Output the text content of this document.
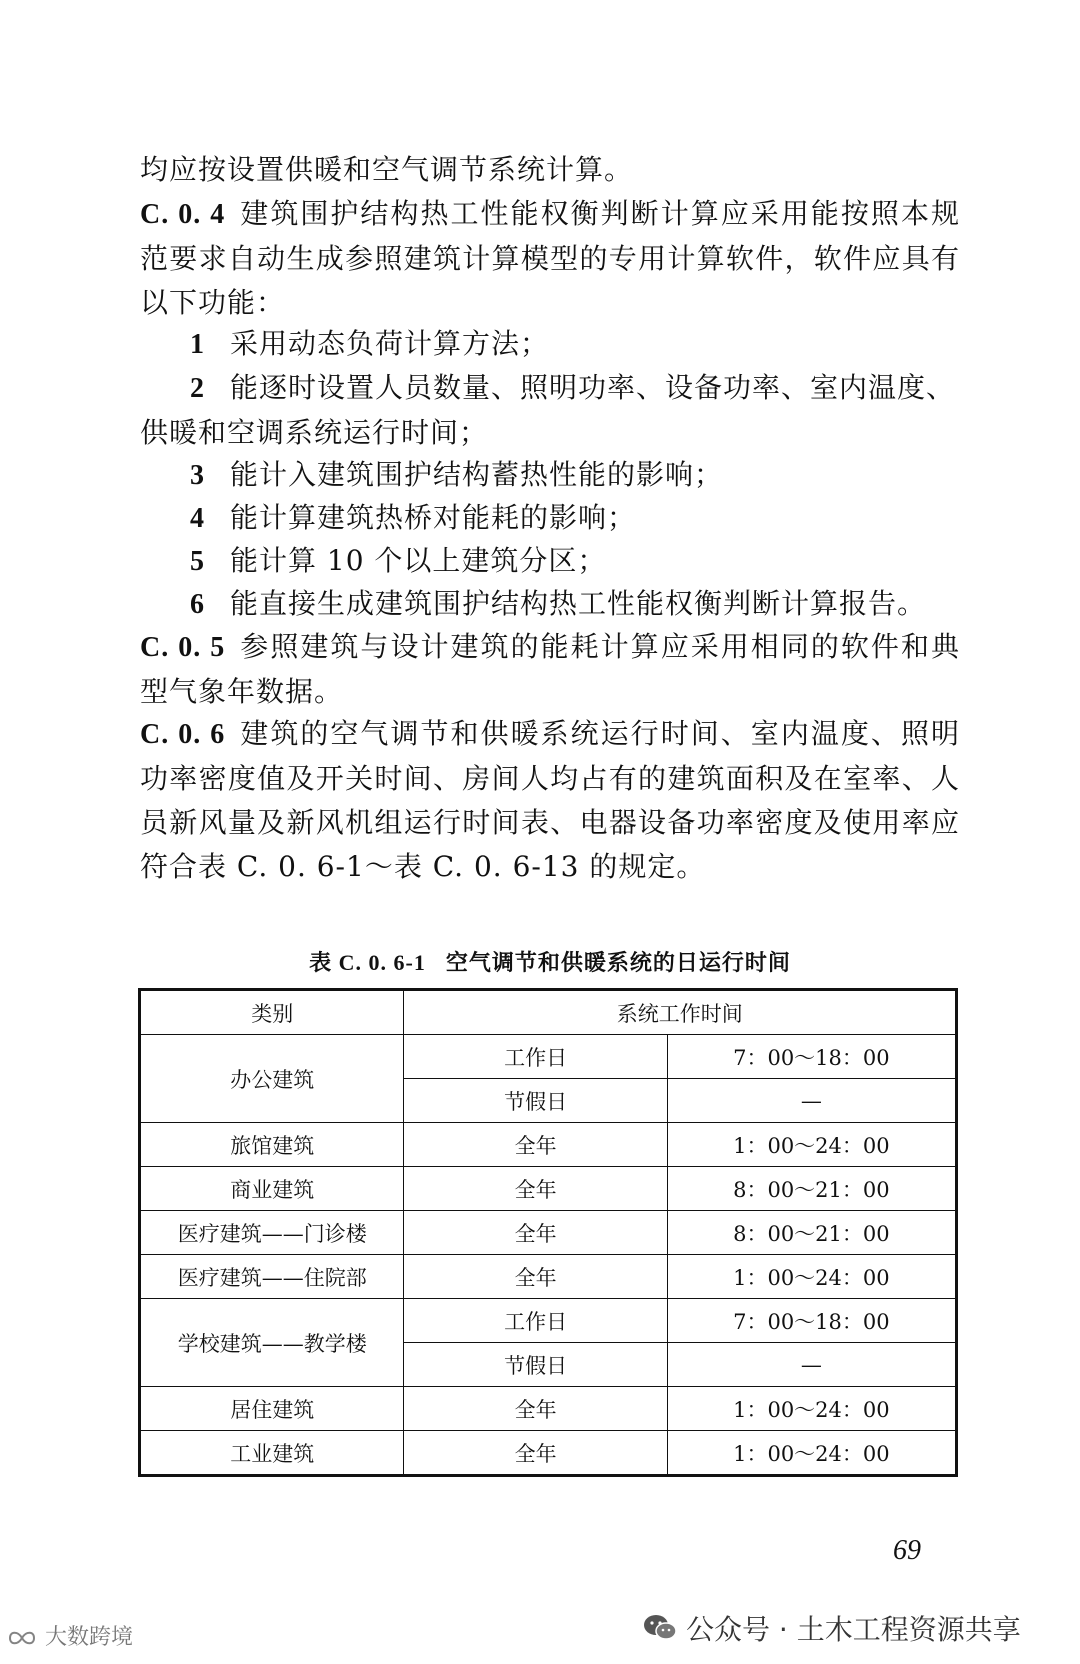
均应按设置供暖和空气调节系统计算。
C. 0. 4 建筑围护结构热工性能权衡判断计算应采用能按照本规范要求自动生成参照建筑计算模型的专用计算软件，软件应具有以下功能：
1 采用动态负荷计算方法；
2 能逐时设置人员数量、照明功率、设备功率、室内温度、供暖和空调系统运行时间；
3 能计入建筑围护结构蓄热性能的影响；
4 能计算建筑热桥对能耗的影响；
5 能计算 10 个以上建筑分区；
6 能直接生成建筑围护结构热工性能权衡判断计算报告。
C. 0. 5 参照建筑与设计建筑的能耗计算应采用相同的软件和典型气象年数据。
C. 0. 6 建筑的空气调节和供暖系统运行时间、室内温度、照明功率密度值及开关时间、房间人均占有的建筑面积及在室率、人员新风量及新风机组运行时间表、电器设备功率密度及使用率应符合表 C. 0. 6-1～表 C. 0. 6-13 的规定。
表 C. 0. 6-1 空气调节和供暖系统的日运行时间
类别	系统工作时间	
办公建筑	工作日	7：00～18：00
	节假日	—
旅馆建筑	全年	1：00～24：00
商业建筑	全年	8：00～21：00
医疗建筑——门诊楼	全年	8：00～21：00
医疗建筑——住院部	全年	1：00～24：00
学校建筑——教学楼	工作日	7：00～18：00
	节假日	—
居住建筑	全年	1：00～24：00
工业建筑	全年	1：00～24：00
69
大数跨境	公众号 · 土木工程资源共享
